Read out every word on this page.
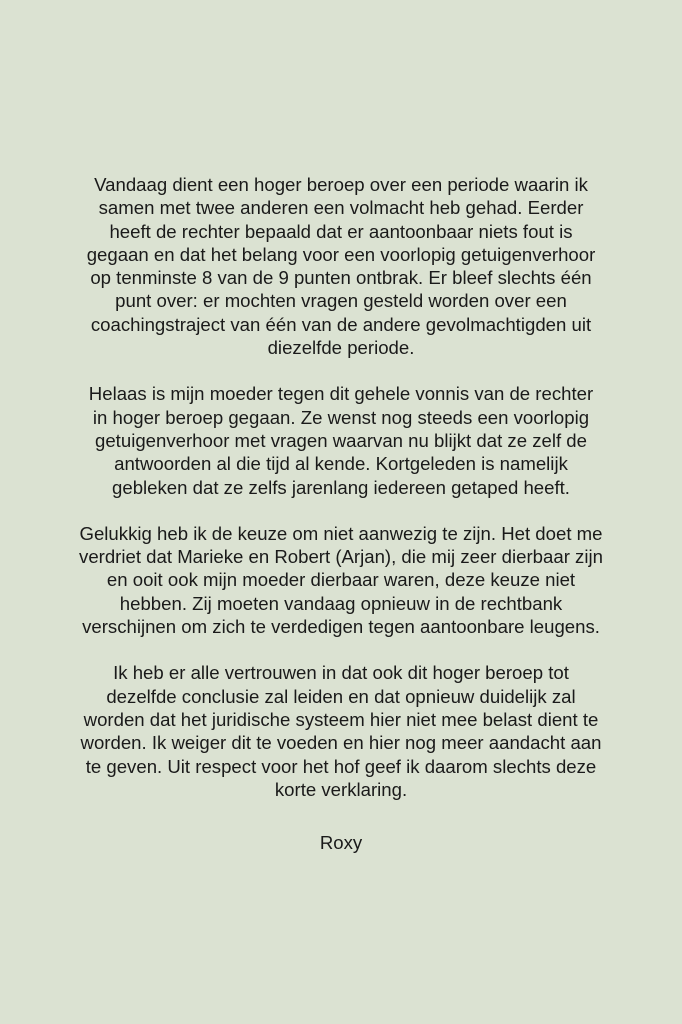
Vandaag dient een hoger beroep over een periode waarin ik
samen met twee anderen een volmacht heb gehad. Eerder
heeft de rechter bepaald dat er aantoonbaar niets fout is
gegaan en dat het belang voor een voorlopig getuigenverhoor
op tenminste 8 van de 9 punten ontbrak. Er bleef slechts één
punt over: er mochten vragen gesteld worden over een
coachingstraject van één van de andere gevolmachtigden uit
diezelfde periode.

Helaas is mijn moeder tegen dit gehele vonnis van de rechter
in hoger beroep gegaan. Ze wenst nog steeds een voorlopig
getuigenverhoor met vragen waarvan nu blijkt dat ze zelf de
antwoorden al die tijd al kende. Kortgeleden is namelijk
gebleken dat ze zelfs jarenlang iedereen getaped heeft.

Gelukkig heb ik de keuze om niet aanwezig te zijn. Het doet me
verdriet dat Marieke en Robert (Arjan), die mij zeer dierbaar zijn
en ooit ook mijn moeder dierbaar waren, deze keuze niet
hebben. Zij moeten vandaag opnieuw in de rechtbank
verschijnen om zich te verdedigen tegen aantoonbare leugens.

Ik heb er alle vertrouwen in dat ook dit hoger beroep tot
dezelfde conclusie zal leiden en dat opnieuw duidelijk zal
worden dat het juridische systeem hier niet mee belast dient te
worden. Ik weiger dit te voeden en hier nog meer aandacht aan
te geven. Uit respect voor het hof geef ik daarom slechts deze
korte verklaring.

Roxy
